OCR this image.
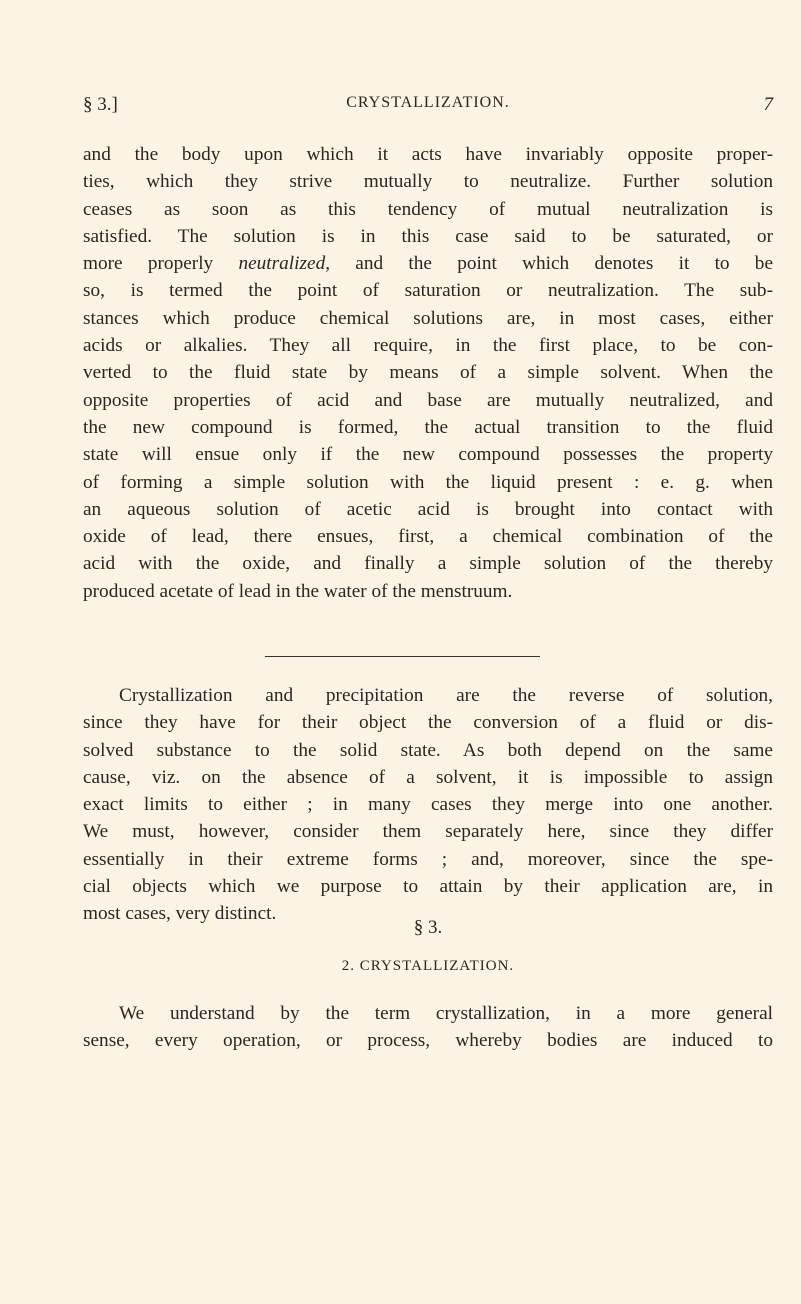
§ 3.]	CRYSTALLIZATION.	7
and the body upon which it acts have invariably opposite proper-
ties, which they strive mutually to neutralize. Further solution
ceases as soon as this tendency of mutual neutralization is
satisfied. The solution is in this case said to be saturated, or
more properly neutralized, and the point which denotes it to be
so, is termed the point of saturation or neutralization. The sub-
stances which produce chemical solutions are, in most cases, either
acids or alkalies. They all require, in the first place, to be con-
verted to the fluid state by means of a simple solvent. When the
opposite properties of acid and base are mutually neutralized, and
the new compound is formed, the actual transition to the fluid
state will ensue only if the new compound possesses the property
of forming a simple solution with the liquid present : e. g. when
an aqueous solution of acetic acid is brought into contact with
oxide of lead, there ensues, first, a chemical combination of the
acid with the oxide, and finally a simple solution of the thereby
produced acetate of lead in the water of the menstruum.
Crystallization and precipitation are the reverse of solution,
since they have for their object the conversion of a fluid or dis-
solved substance to the solid state. As both depend on the same
cause, viz. on the absence of a solvent, it is impossible to assign
exact limits to either ; in many cases they merge into one another.
We must, however, consider them separately here, since they differ
essentially in their extreme forms ; and, moreover, since the spe-
cial objects which we purpose to attain by their application are, in
most cases, very distinct.
§ 3.
2. CRYSTALLIZATION.
We understand by the term crystallization, in a more general
sense, every operation, or process, whereby bodies are induced to
